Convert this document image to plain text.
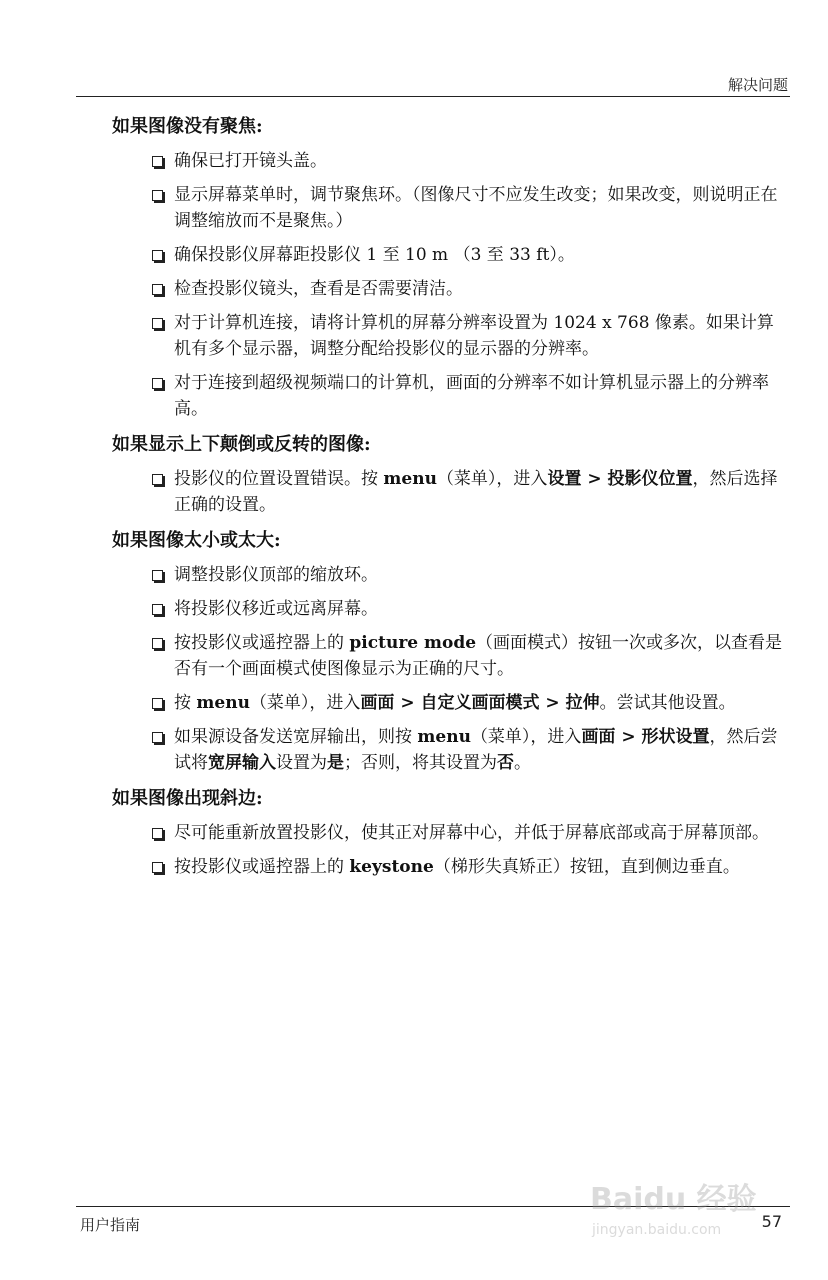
解决问题
如果图像没有聚焦:
确保已打开镜头盖。
显示屏幕菜单时，调节聚焦环。（图像尺寸不应发生改变；如果改变，则说明正在调整缩放而不是聚焦。）
确保投影仪屏幕距投影仪 1 至 10 m （3 至 33 ft）。
检查投影仪镜头，查看是否需要清洁。
对于计算机连接，请将计算机的屏幕分辨率设置为 1024 x 768 像素。如果计算机有多个显示器，调整分配给投影仪的显示器的分辨率。
对于连接到超级视频端口的计算机，画面的分辨率不如计算机显示器上的分辨率高。
如果显示上下颠倒或反转的图像:
投影仪的位置设置错误。按 menu（菜单），进入设置 > 投影仪位置，然后选择正确的设置。
如果图像太小或太大:
调整投影仪顶部的缩放环。
将投影仪移近或远离屏幕。
按投影仪或遥控器上的 picture mode（画面模式）按钮一次或多次，以查看是否有一个画面模式使图像显示为正确的尺寸。
按 menu（菜单），进入画面 > 自定义画面模式 > 拉伸。尝试其他设置。
如果源设备发送宽屏输出，则按 menu（菜单），进入画面 > 形状设置，然后尝试将宽屏输入设置为是；否则，将其设置为否。
如果图像出现斜边:
尽可能重新放置投影仪，使其正对屏幕中心，并低于屏幕底部或高于屏幕顶部。
按投影仪或遥控器上的 keystone（梯形失真矫正）按钮，直到侧边垂直。
用户指南	57
Baidu 经验
jingyan.baidu.com
